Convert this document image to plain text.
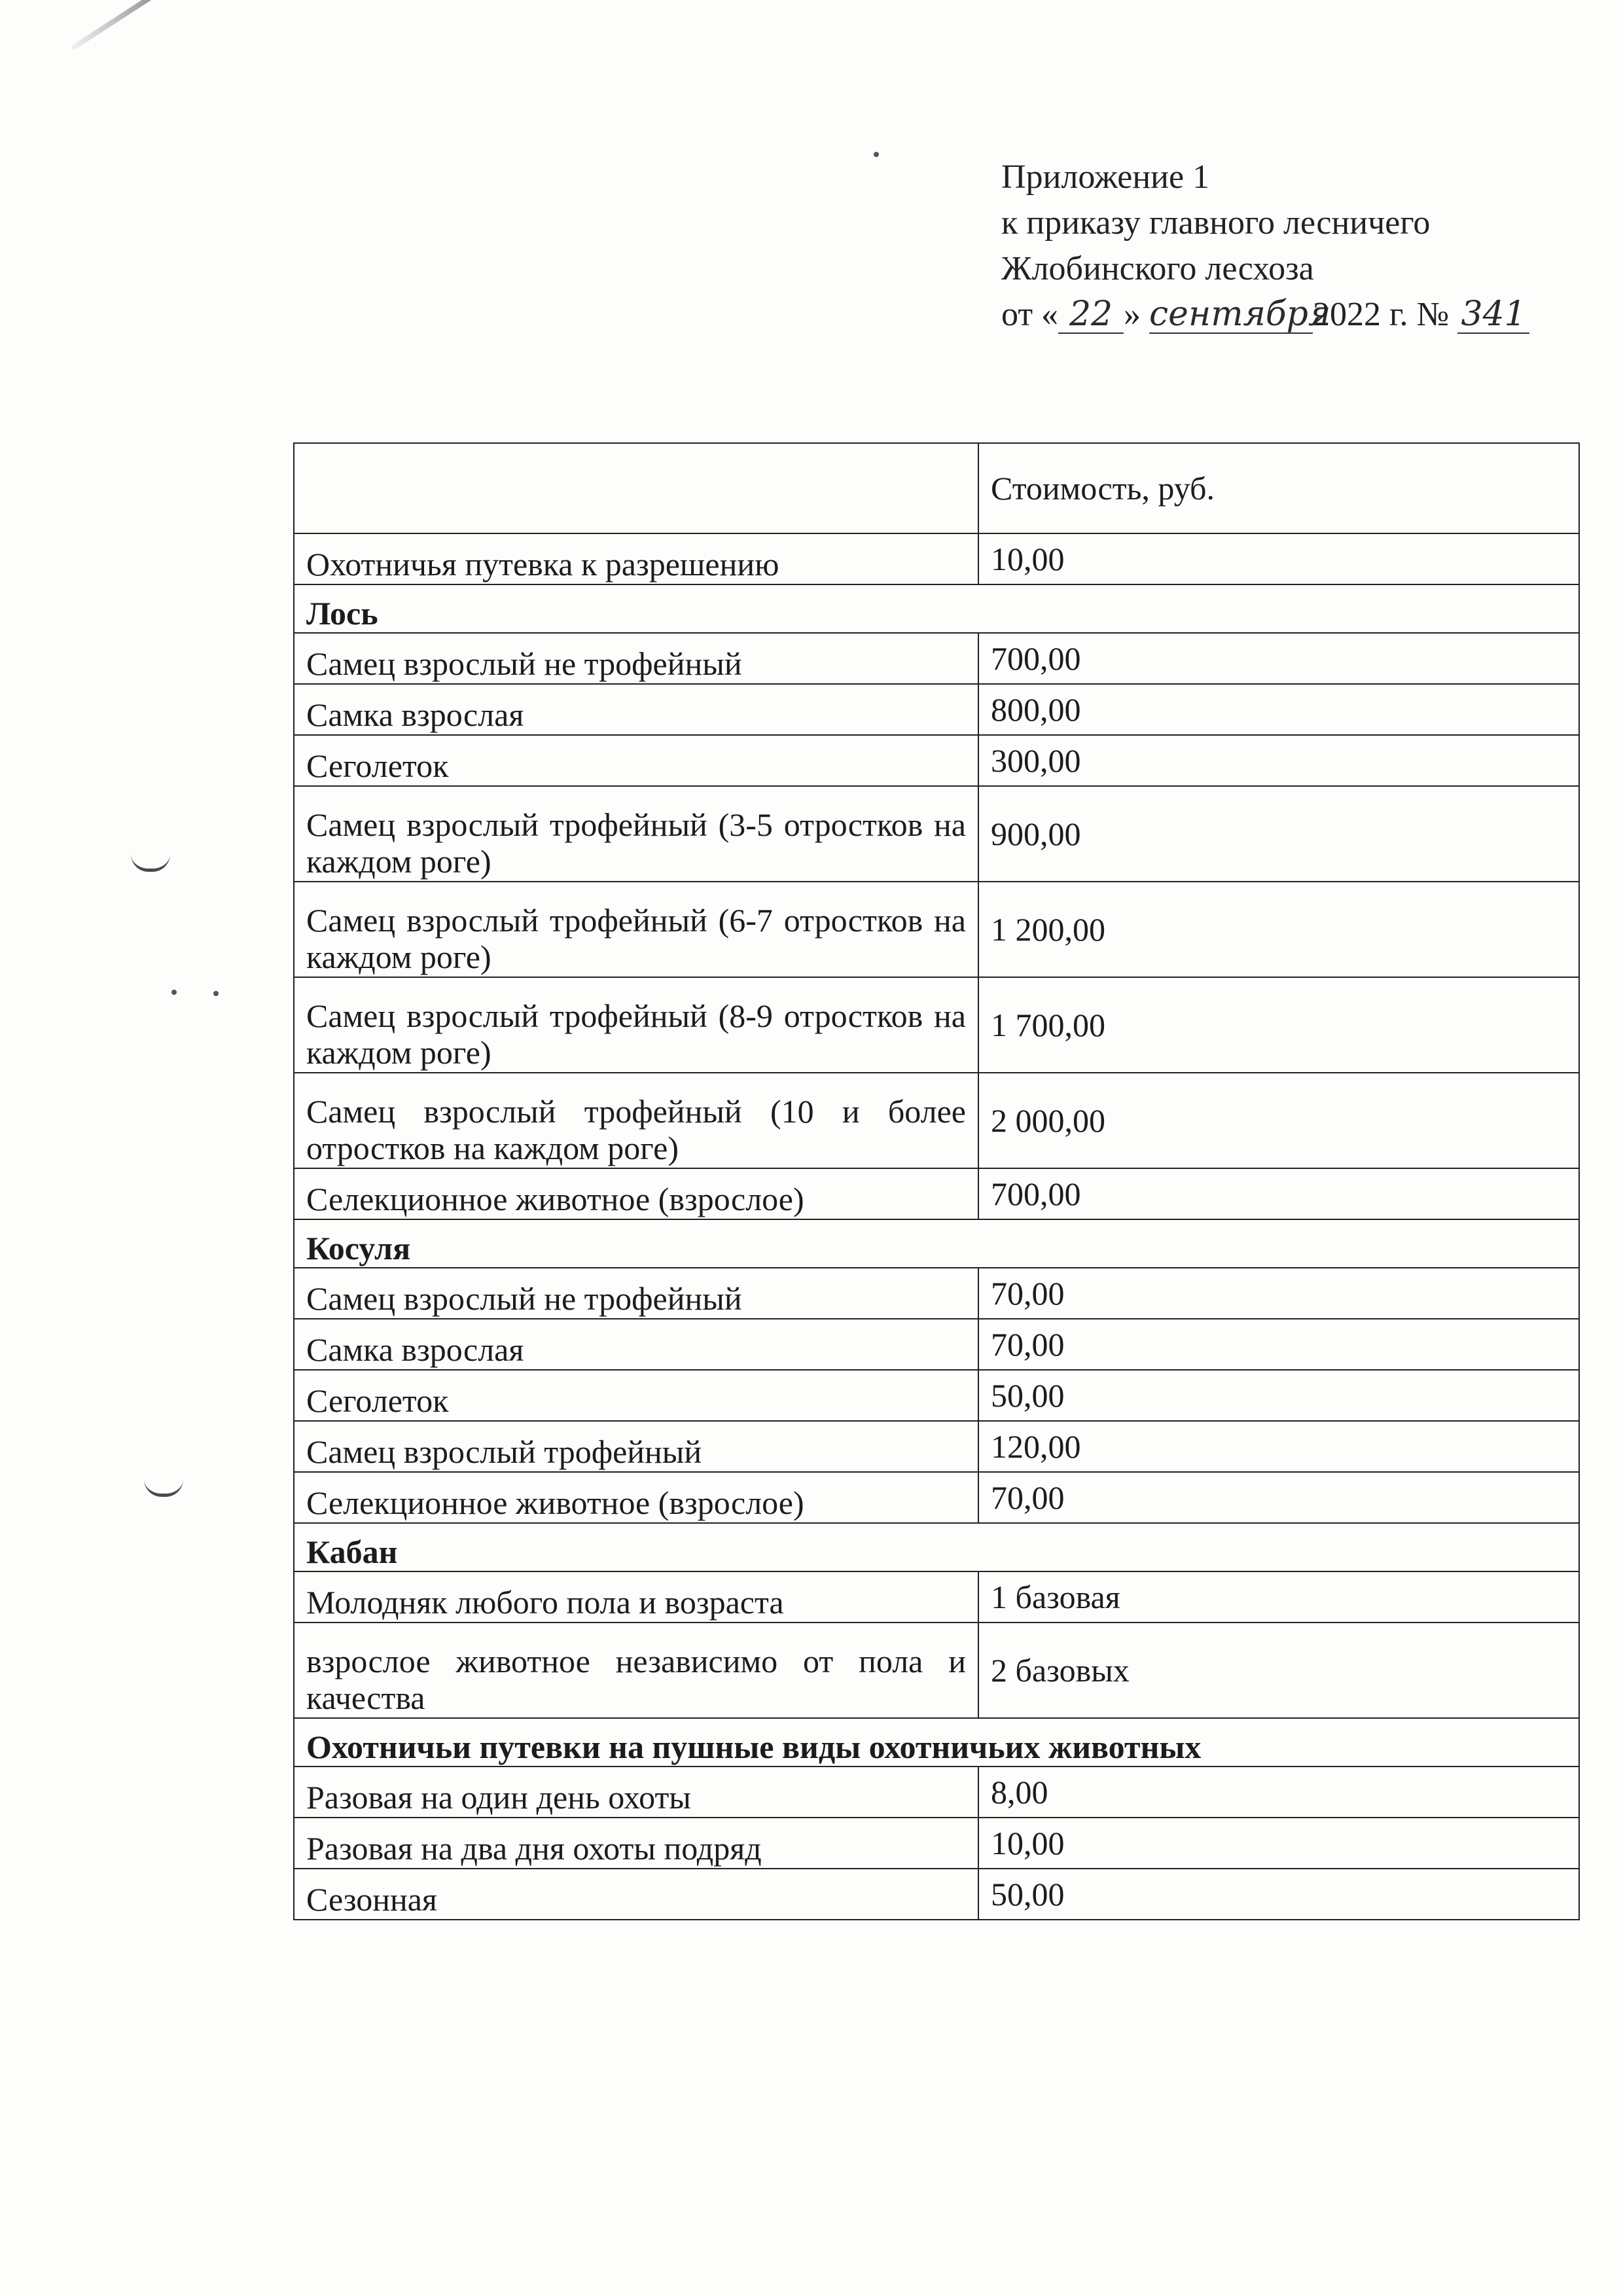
Приложение 1
к приказу главного лесничего
Жлобинского лесхоза
от « 22 » сентября2022 г. № 341
	Стоимость, руб.
Охотничья путевка к разрешению	10,00
Лось	
Самец взрослый не трофейный	700,00
Самка взрослая	800,00
Сеголеток	300,00
Самец взрослый трофейный (3-5 отростков на каждом роге)	900,00
Самец взрослый трофейный (6-7 отростков на каждом роге)	1 200,00
Самец взрослый трофейный (8-9 отростков на каждом роге)	1 700,00
Самец взрослый трофейный (10 и более отростков на каждом роге)	2 000,00
Селекционное животное (взрослое)	700,00
Косуля	
Самец взрослый не трофейный	70,00
Самка взрослая	70,00
Сеголеток	50,00
Самец взрослый трофейный	120,00
Селекционное животное (взрослое)	70,00
Кабан	
Молодняк любого пола и возраста	1 базовая
взрослое животное независимо от пола и качества	2 базовых
Охотничьи путевки на пушные виды охотничьих животных	
Разовая на один день охоты	8,00
Разовая на два дня охоты подряд	10,00
Сезонная	50,00
